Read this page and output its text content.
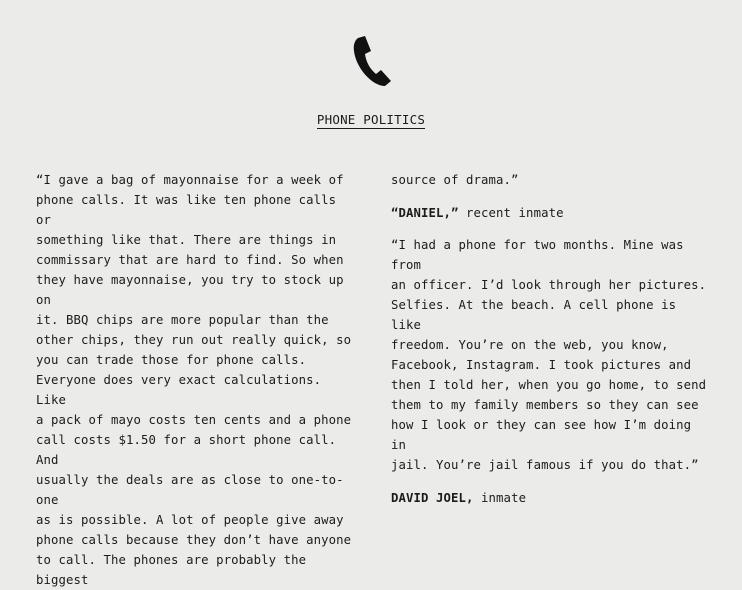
PHONE POLITICS

“I gave a bag of mayonnaise for a week of
phone calls. It was like ten phone calls or
something like that. There are things in
commissary that are hard to find. So when
they have mayonnaise, you try to stock up on
it. BBQ chips are more popular than the
other chips, they run out really quick, so
you can trade those for phone calls.
Everyone does very exact calculations. Like
a pack of mayo costs ten cents and a phone
call costs $1.50 for a short phone call. And
usually the deals are as close to one-to-one
as is possible. A lot of people give away
phone calls because they don’t have anyone
to call. The phones are probably the biggest

source of drama.”

“DANIEL,” recent inmate

“I had a phone for two months. Mine was from
an officer. I’d look through her pictures.
Selfies. At the beach. A cell phone is like
freedom. You’re on the web, you know,
Facebook, Instagram. I took pictures and
then I told her, when you go home, to send
them to my family members so they can see
how I look or they can see how I’m doing in
jail. You’re jail famous if you do that.”

DAVID JOEL, inmate
